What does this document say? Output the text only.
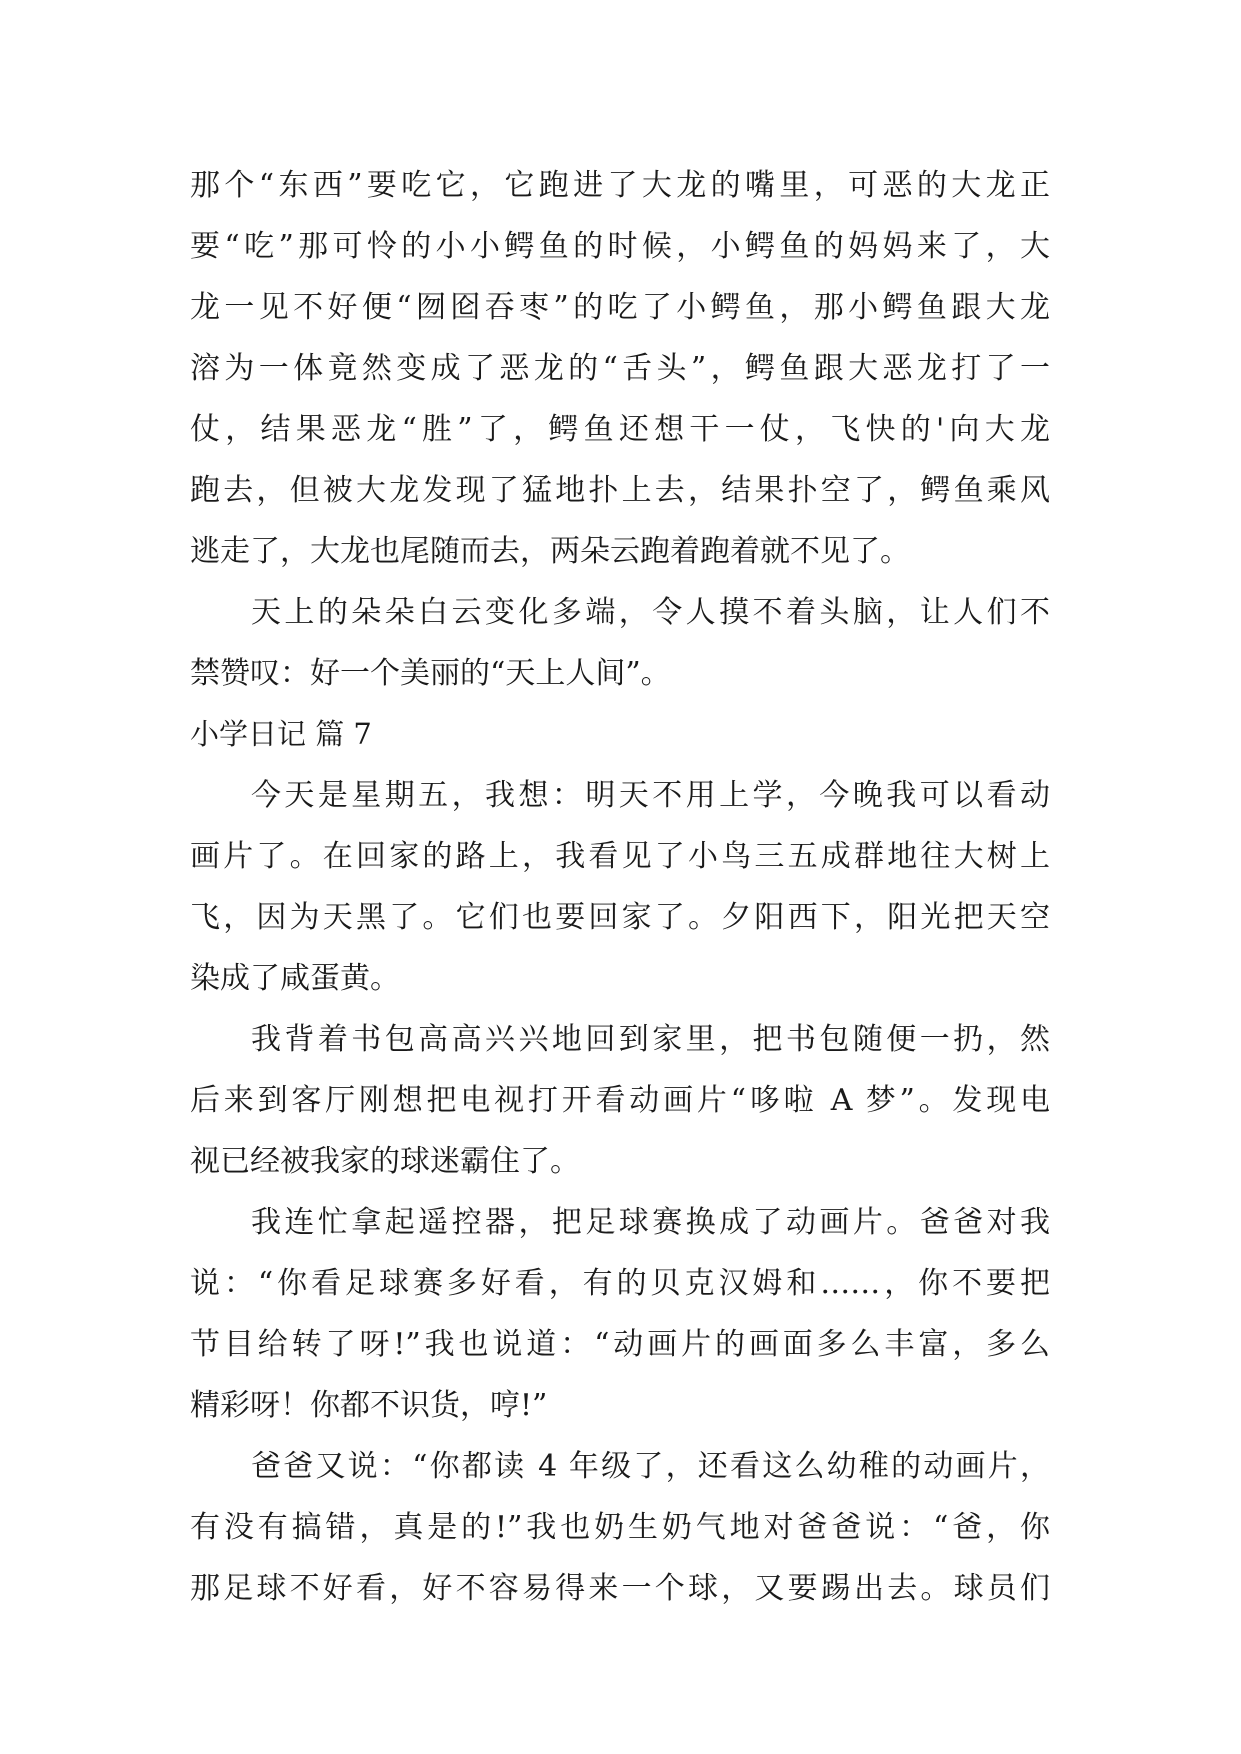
那个“东西”要吃它，它跑进了大龙的嘴里，可恶的大龙正
要“吃”那可怜的小小鳄鱼的时候，小鳄鱼的妈妈来了，大
龙一见不好便“囫囵吞枣”的吃了小鳄鱼，那小鳄鱼跟大龙
溶为一体竟然变成了恶龙的“舌头”，鳄鱼跟大恶龙打了一
仗，结果恶龙“胜”了，鳄鱼还想干一仗，飞快的'向大龙
跑去，但被大龙发现了猛地扑上去，结果扑空了，鳄鱼乘风
逃走了，大龙也尾随而去，两朵云跑着跑着就不见了。
天上的朵朵白云变化多端，令人摸不着头脑，让人们不
禁赞叹：好一个美丽的“天上人间”。
小学日记 篇 7
今天是星期五，我想：明天不用上学，今晚我可以看动
画片了。在回家的路上，我看见了小鸟三五成群地往大树上
飞，因为天黑了。它们也要回家了。夕阳西下，阳光把天空
染成了咸蛋黄。
我背着书包高高兴兴地回到家里，把书包随便一扔，然
后来到客厅刚想把电视打开看动画片“哆啦 A 梦”。发现电
视已经被我家的球迷霸住了。
我连忙拿起遥控器，把足球赛换成了动画片。爸爸对我
说：“你看足球赛多好看，有的贝克汉姆和……，你不要把
节目给转了呀!”我也说道：“动画片的画面多么丰富，多么
精彩呀！你都不识货，哼!”
爸爸又说：“你都读 4 年级了，还看这么幼稚的动画片，
有没有搞错，真是的!”我也奶生奶气地对爸爸说：“爸，你
那足球不好看，好不容易得来一个球，又要踢出去。球员们
